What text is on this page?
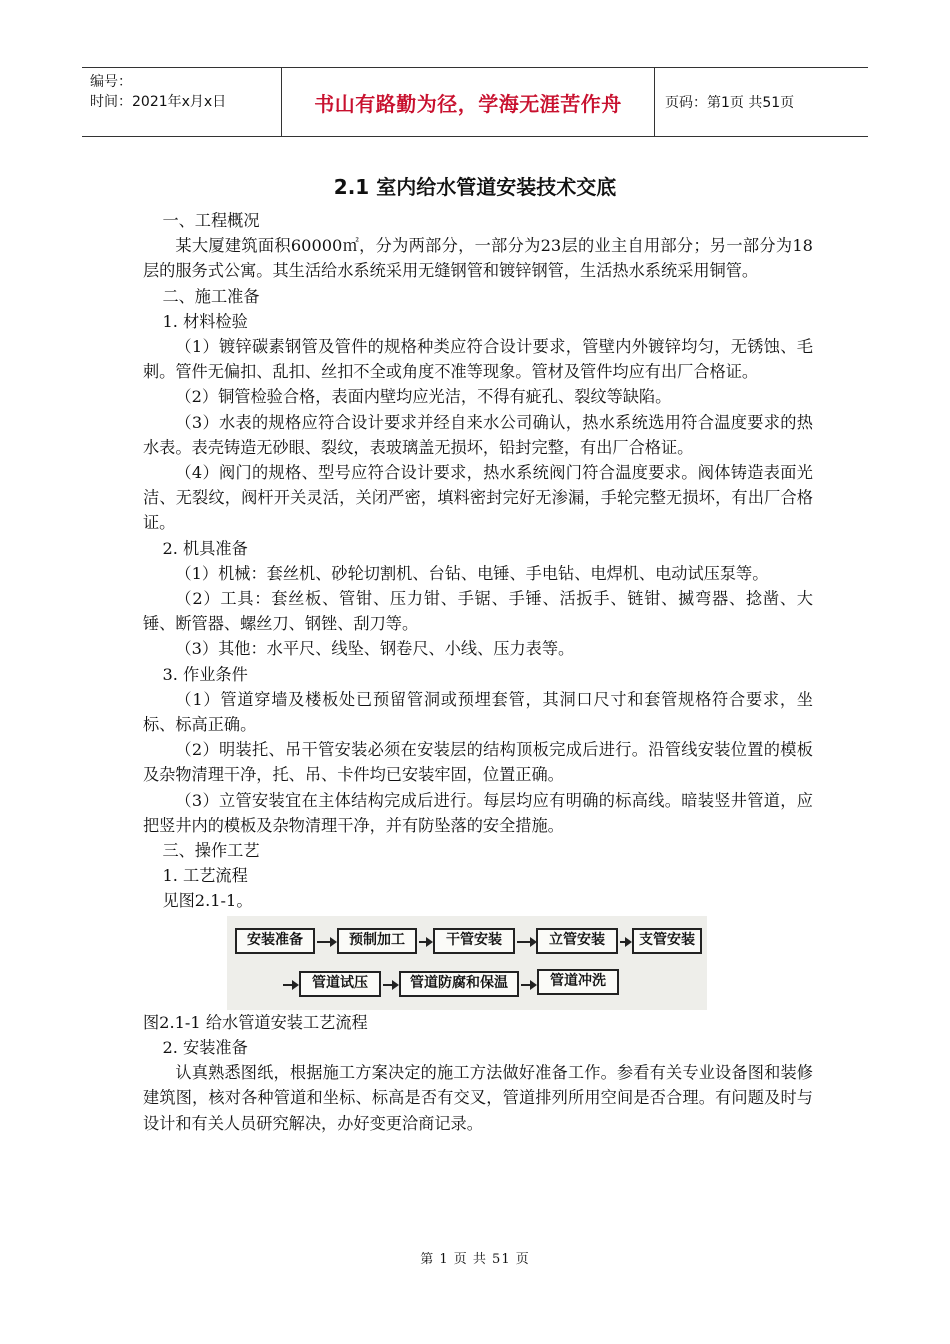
编号：
时间：2021年x月x日	书山有路勤为径，学海无涯苦作舟	页码：第1页 共51页
2.1 室内给水管道安装技术交底

一、工程概况

某大厦建筑面积60000㎡，分为两部分，一部分为23层的业主自用部分；另一部分为18层的服务式公寓。其生活给水系统采用无缝钢管和镀锌钢管，生活热水系统采用铜管。

二、施工准备

1. 材料检验

（1）镀锌碳素钢管及管件的规格种类应符合设计要求，管壁内外镀锌均匀，无锈蚀、毛刺。管件无偏扣、乱扣、丝扣不全或角度不准等现象。管材及管件均应有出厂合格证。

（2）铜管检验合格，表面内壁均应光洁，不得有疵孔、裂纹等缺陷。

（3）水表的规格应符合设计要求并经自来水公司确认，热水系统选用符合温度要求的热水表。表壳铸造无砂眼、裂纹，表玻璃盖无损坏，铅封完整，有出厂合格证。

（4）阀门的规格、型号应符合设计要求，热水系统阀门符合温度要求。阀体铸造表面光洁、无裂纹，阀杆开关灵活，关闭严密，填料密封完好无渗漏，手轮完整无损坏，有出厂合格证。

2. 机具准备

（1）机械：套丝机、砂轮切割机、台钻、电锤、手电钻、电焊机、电动试压泵等。

（2）工具：套丝板、管钳、压力钳、手锯、手锤、活扳手、链钳、揻弯器、捻凿、大锤、断管器、螺丝刀、钢锉、刮刀等。

（3）其他：水平尺、线坠、钢卷尺、小线、压力表等。

3. 作业条件

（1）管道穿墙及楼板处已预留管洞或预埋套管，其洞口尺寸和套管规格符合要求，坐标、标高正确。

（2）明装托、吊干管安装必须在安装层的结构顶板完成后进行。沿管线安装位置的模板及杂物清理干净，托、吊、卡件均已安装牢固，位置正确。

（3）立管安装宜在主体结构完成后进行。每层均应有明确的标高线。暗装竖井管道，应把竖井内的模板及杂物清理干净，并有防坠落的安全措施。

三、操作工艺

1. 工艺流程

见图2.1-1。

安装准备	预制加工	干管安装	立管安装	支管安装
管道试压	管道防腐和保温	管道冲洗

图2.1-1 给水管道安装工艺流程

2. 安装准备

认真熟悉图纸，根据施工方案决定的施工方法做好准备工作。参看有关专业设备图和装修建筑图，核对各种管道和坐标、标高是否有交叉，管道排列所用空间是否合理。有问题及时与设计和有关人员研究解决，办好变更洽商记录。

第 1 页 共 51 页
